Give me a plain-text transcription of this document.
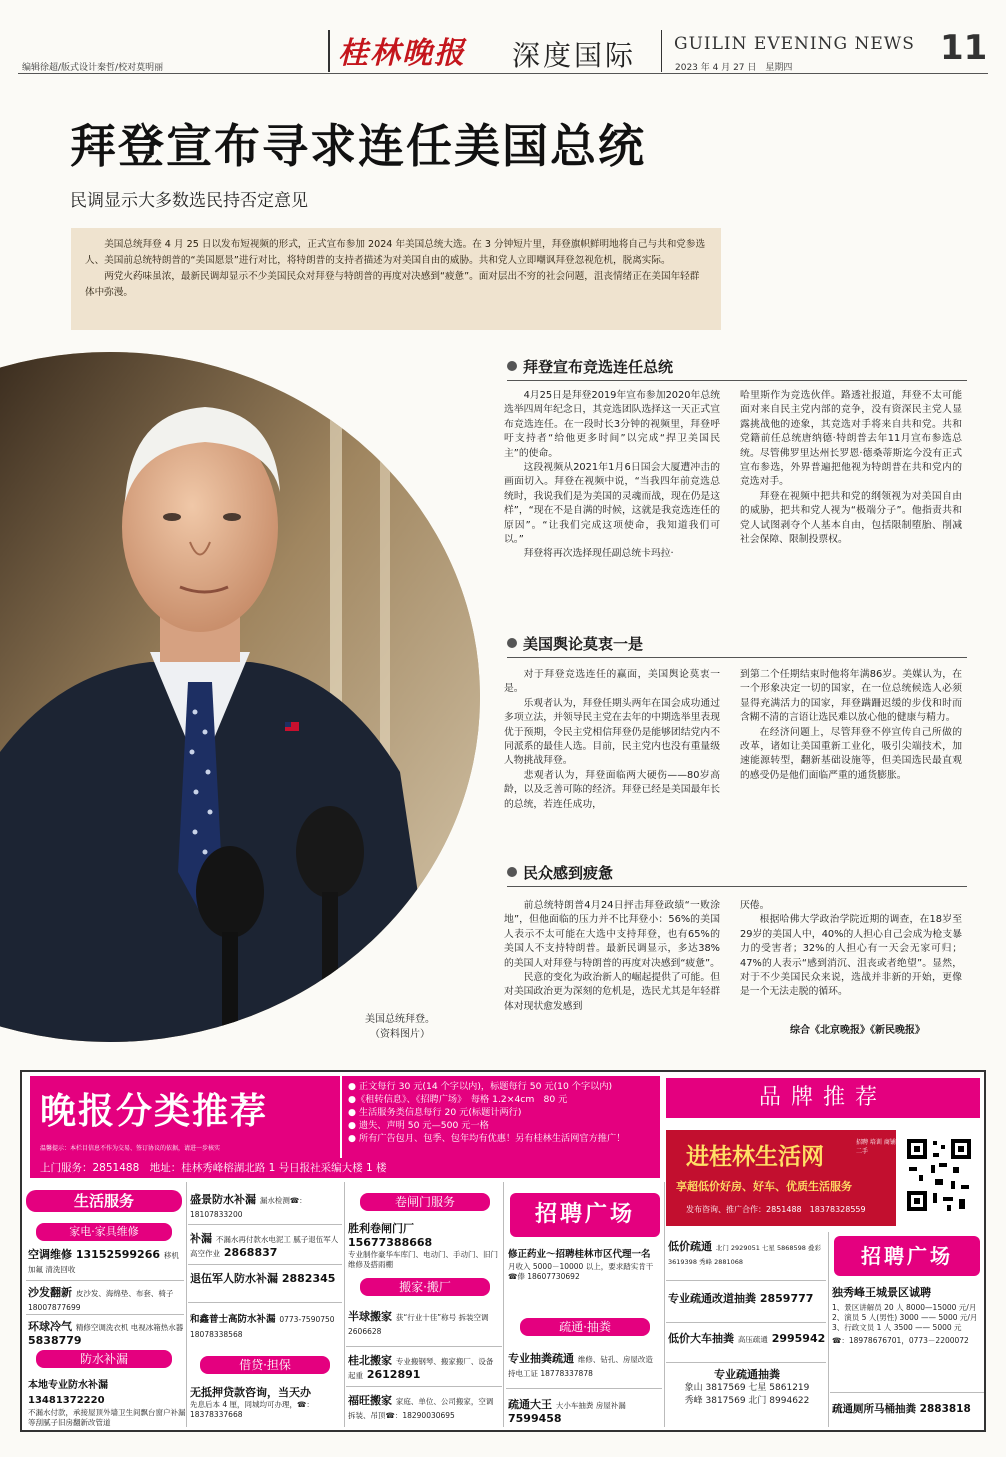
编辑徐超/版式设计秦哲/校对莫明丽	桂林晚报 深度国际 GUILIN EVENING NEWS
2023 年 4 月 27 日　星期四	11
拜登宣布寻求连任美国总统
民调显示大多数选民持否定意见

美国总统拜登 4 月 25 日以发布短视频的形式，正式宣布参加 2024 年美国总统大选。在 3 分钟短片里，拜登旗帜鲜明地将自己与共和党参选人、美国前总统特朗普的“美国愿景”进行对比，将特朗普的支持者描述为对美国自由的威胁。共和党人立即嘲讽拜登忽视危机，脱离实际。

两党火药味虽浓，最新民调却显示不少美国民众对拜登与特朗普的再度对决感到“疲惫”。面对层出不穷的社会问题，沮丧情绪正在美国年轻群体中弥漫。

美国总统拜登。
（资料图片）
拜登宣布竞选连任总统

4月25日是拜登2019年宣布参加2020年总统选举四周年纪念日，其竞选团队选择这一天正式宣布竞选连任。在一段时长3分钟的视频里，拜登呼吁支持者“给他更多时间”以完成“捍卫美国民主”的使命。

这段视频从2021年1月6日国会大厦遭冲击的画面切入。拜登在视频中说，“当我四年前竞选总统时，我说我们是为美国的灵魂而战，现在仍是这样”，“现在不是自满的时候，这就是我竞选连任的原因”。“让我们完成这项使命，我知道我们可以。”

拜登将再次选择现任副总统卡玛拉·

哈里斯作为竞选伙伴。路透社报道，拜登不太可能面对来自民主党内部的竞争，没有资深民主党人显露挑战他的迹象，其竞选对手将来自共和党。共和党籍前任总统唐纳德·特朗普去年11月宣布参选总统。尽管佛罗里达州长罗恩·德桑蒂斯迄今没有正式宣布参选，外界普遍把他视为特朗普在共和党内的竞选对手。

拜登在视频中把共和党的纲领视为对美国自由的威胁，把共和党人视为“极端分子”。他指责共和党人试图剥夺个人基本自由，包括限制堕胎、削减社会保障、限制投票权。

美国舆论莫衷一是

对于拜登竞选连任的赢面，美国舆论莫衷一是。

乐观者认为，拜登任期头两年在国会成功通过多项立法，并领导民主党在去年的中期选举里表现优于预期，令民主党相信拜登仍是能够团结党内不同派系的最佳人选。目前，民主党内也没有重量级人物挑战拜登。

悲观者认为，拜登面临两大硬伤——80岁高龄，以及乏善可陈的经济。拜登已经是美国最年长的总统，若连任成功，

到第二个任期结束时他将年满86岁。美媒认为，在一个形象决定一切的国家，在一位总统候选人必须显得充满活力的国家，拜登蹒跚迟缓的步伐和时而含糊不清的言语让选民难以放心他的健康与精力。

在经济问题上，尽管拜登不停宣传自己所做的改革，诸如让美国重新工业化，吸引尖端技术，加速能源转型，翻新基础设施等，但美国选民最直观的感受仍是他们面临严重的通货膨胀。

民众感到疲惫

前总统特朗普4月24日抨击拜登政绩“一败涂地”，但他面临的压力并不比拜登小：56%的美国人表示不太可能在大选中支持拜登，也有65%的美国人不支持特朗普。最新民调显示，多达38%的美国人对拜登与特朗普的再度对决感到“疲惫”。

民意的变化为政治新人的崛起提供了可能。但对美国政治更为深刻的危机是，选民尤其是年轻群体对现状愈发感到

厌倦。

根据哈佛大学政治学院近期的调查，在18岁至29岁的美国人中，40%的人担心自己会成为枪支暴力的受害者；32%的人担心有一天会无家可归；47%的人表示“感到消沉、沮丧或者绝望”。显然，对于不少美国民众来说，选战并非新的开始，更像是一个无法走脱的循环。

综合《北京晚报》《新民晚报》
晚报分类推荐
温馨提示：本栏目信息不作为交易、签订协议的依据，请进一步核实
● 正文每行 30 元(14 个字以内)，标题每行 50 元(10 个字以内)
●《租转信息》、《招聘广场》　每格 1.2×4cm　80 元
● 生活服务类信息每行 20 元(标题计两行)
● 遗失、声明 50 元—500 元一格
● 所有广告包月、包季、包年均有优惠！另有桂林生活网官方推广！
上门服务：2851488　地址：桂林秀峰榕湖北路 1 号日报社采编大楼 1 楼
品牌推荐
进桂林生活网
招聘 培训 商铺 二手
享超低价好房、好车、优质生活服务
发布咨询、推广合作：2851488　18378328559
生活服务
家电·家具维修
空调维修 13152599266 移机加氟 清洗回收
沙发翻新 皮沙发、海绵垫、布套、椅子 18007877699
环球冷气 精修空调洗衣机 电视冰箱热水器 5838779
防水补漏
本地专业防水补漏 13481372220
不漏水付款，承接屋顶外墙卫生间飘台窗户补漏等刮腻子旧房翻新改管道
盛景防水补漏 漏水检测☎：18107833200
补漏 不漏水再付款水电泥工 腻子退伍军人高空作业 2868837
退伍军人防水补漏 2882345
和鑫普士高防水补漏 0773-7590750 18078338568
借贷·担保
无抵押贷款咨询，当天办
先息后本 4 厘，同城均可办理，☎：18378337668
卷闸门服务
胜利卷闸门厂 15677388668
专业制作豪华车库门、电动门、手动门、旧门维修及搭雨棚
搬家·搬厂
半球搬家 获“行业十佳”称号 拆装空调 2606628
桂北搬家 专业搬钢琴、搬家搬厂、设备起重 2612891
福旺搬家 家庭、单位、公司搬家，空调拆装、吊顶☎：18290030695
招聘广场
修正药业～招聘桂林市区代理一名
月收入 5000－10000 以上，要求踏实肯干☎俸 18607730692
疏通·抽粪
专业抽粪疏通 维修、钻孔、房屋改造 持电工证 18778337878
疏通大王 大小车抽粪 房屋补漏 7599458
低价疏通 北门 2929051 七星 5868598 叠彩 3619398 秀峰 2881068
专业疏通改道抽粪 2859777
低价大车抽粪 高压疏通 2995942
专业疏通抽粪
象山 3817569 七星 5861219
秀峰 3817569 北门 8994622
招聘广场
独秀峰王城景区诚聘
1、景区讲解员 20 人 8000—15000 元/月
2、演员 5 人(男性) 3000 —— 5000 元/月
3、行政文员 1 人 3500 —— 5000 元
☎：18978676701，0773－2200072
疏通厕所马桶抽粪 2883818
